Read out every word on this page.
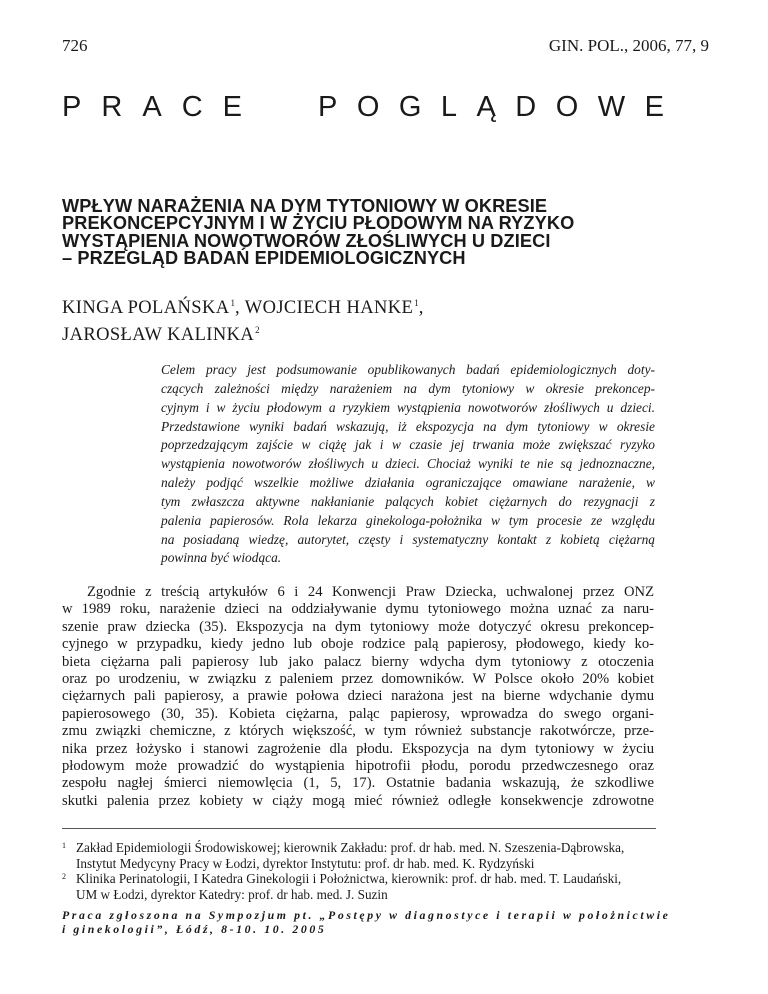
726	GIN. POL., 2006, 77, 9
P R A C E	P O G L Ą D O W E
WPŁYW NARAŻENIA NA DYM TYTONIOWY W OKRESIE
PREKONCEPCYJNYM I W ŻYCIU PŁODOWYM NA RYZYKO
WYSTĄPIENIA NOWOTWORÓW ZŁOŚLIWYCH U DZIECI
– PRZEGLĄD BADAŃ EPIDEMIOLOGICZNYCH
KINGA POLAŃSKA$^1$, WOJCIECH HANKE$^1$,
JAROSŁAW KALINKA$^2$
Celem pracy jest podsumowanie opublikowanych badań epidemiologicznych doty-
czących zależności między narażeniem na dym tytoniowy w okresie prekoncep-
cyjnym i w życiu płodowym a ryzykiem wystąpienia nowotworów złośliwych u dzieci.
Przedstawione wyniki badań wskazują, iż ekspozycja na dym tytoniowy w okresie
poprzedzającym zajście w ciążę jak i w czasie jej trwania może zwiększać ryzyko
wystąpienia nowotworów złośliwych u dzieci. Chociaż wyniki te nie są jednoznaczne,
należy podjąć wszelkie możliwe działania ograniczające omawiane narażenie, w
tym zwłaszcza aktywne nakłanianie palących kobiet ciężarnych do rezygnacji z
palenia papierosów. Rola lekarza ginekologa-położnika w tym procesie ze względu
na posiadaną wiedzę, autorytet, częsty i systematyczny kontakt z kobietą ciężarną
powinna być wiodąca.
Zgodnie z treścią artykułów 6 i 24 Konwencji Praw Dziecka, uchwalonej przez ONZ
w 1989 roku, narażenie dzieci na oddziaływanie dymu tytoniowego można uznać za naru-
szenie praw dziecka (35). Ekspozycja na dym tytoniowy może dotyczyć okresu prekoncep-
cyjnego w przypadku, kiedy jedno lub oboje rodzice palą papierosy, płodowego, kiedy ko-
bieta ciężarna pali papierosy lub jako palacz bierny wdycha dym tytoniowy z otoczenia
oraz po urodzeniu, w związku z paleniem przez domowników. W Polsce około 20% kobiet
ciężarnych pali papierosy, a prawie połowa dzieci narażona jest na bierne wdychanie dymu
papierosowego (30, 35). Kobieta ciężarna, paląc papierosy, wprowadza do swego organi-
zmu związki chemiczne, z których większość, w tym również substancje rakotwórcze, prze-
nika przez łożysko i stanowi zagrożenie dla płodu. Ekspozycja na dym tytoniowy w życiu
płodowym może prowadzić do wystąpienia hipotrofii płodu, porodu przedwczesnego oraz
zespołu nagłej śmierci niemowlęcia (1, 5, 17). Ostatnie badania wskazują, że szkodliwe
skutki palenia przez kobiety w ciąży mogą mieć również odległe konsekwencje zdrowotne
1 Zakład Epidemiologii Środowiskowej; kierownik Zakładu: prof. dr hab. med. N. Szeszenia-Dąbrowska,
Instytut Medycyny Pracy w Łodzi, dyrektor Instytutu: prof. dr hab. med. K. Rydzyński
2 Klinika Perinatologii, I Katedra Ginekologii i Położnictwa, kierownik: prof. dr hab. med. T. Laudański,
UM w Łodzi, dyrektor Katedry: prof. dr hab. med. J. Suzin
Praca zgłoszona na Sympozjum pt. „Postępy w diagnostyce i terapii w położnictwie
i ginekologii”, Łódź, 8-10. 10. 2005
